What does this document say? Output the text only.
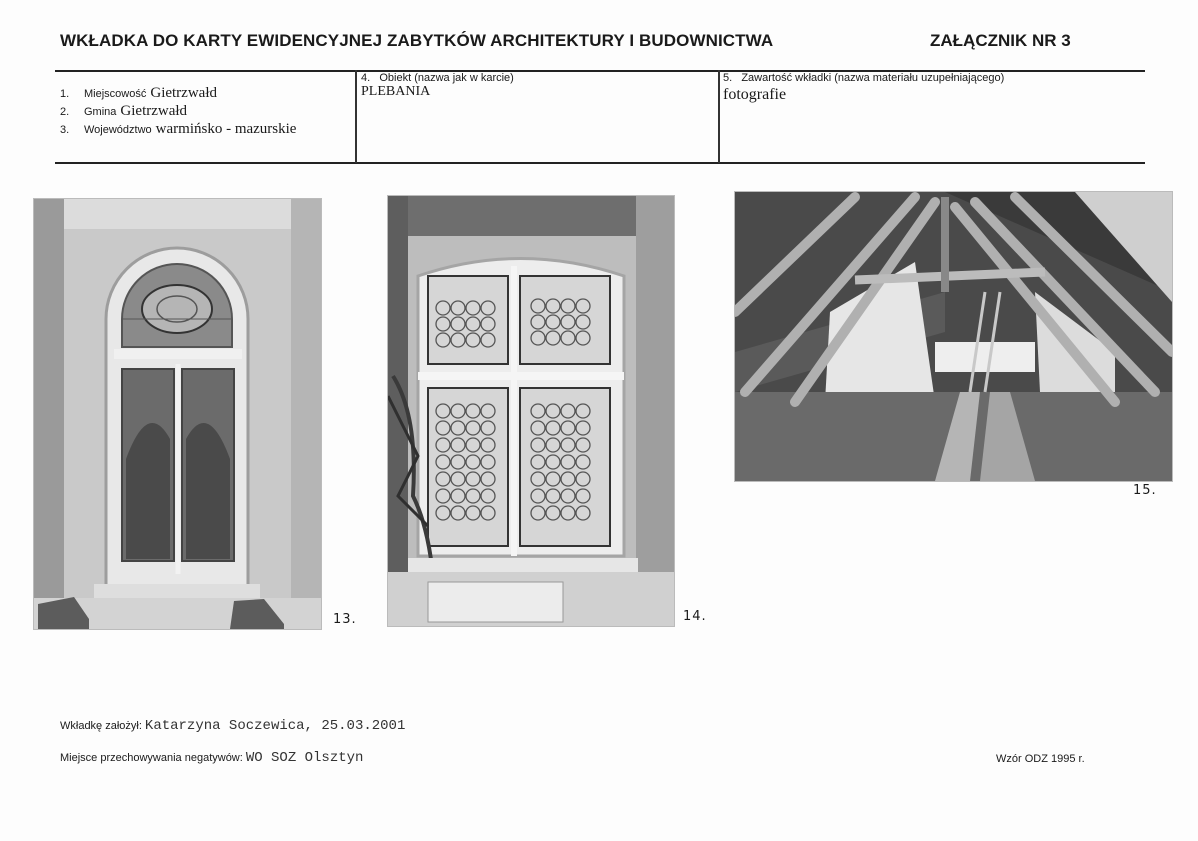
WKŁADKA DO KARTY EWIDENCYJNEJ ZABYTKÓW ARCHITEKTURY I BUDOWNICTWA	ZAŁĄCZNIK NR 3
1.	Miejscowość Gietrzwałd
2.	Gmina Gietrzwałd
3.	Województwo warmińsko - mazurskie
4.   Obiekt (nazwa jak w karcie)
PLEBANIA
5.   Zawartość wkładki (nazwa materiału uzupełniającego)
fotografie
13.	14.
15.
Wkładkę założył: Katarzyna Soczewica, 25.03.2001
Miejsce przechowywania negatywów: WO SOZ Olsztyn	Wzór ODZ 1995 r.
